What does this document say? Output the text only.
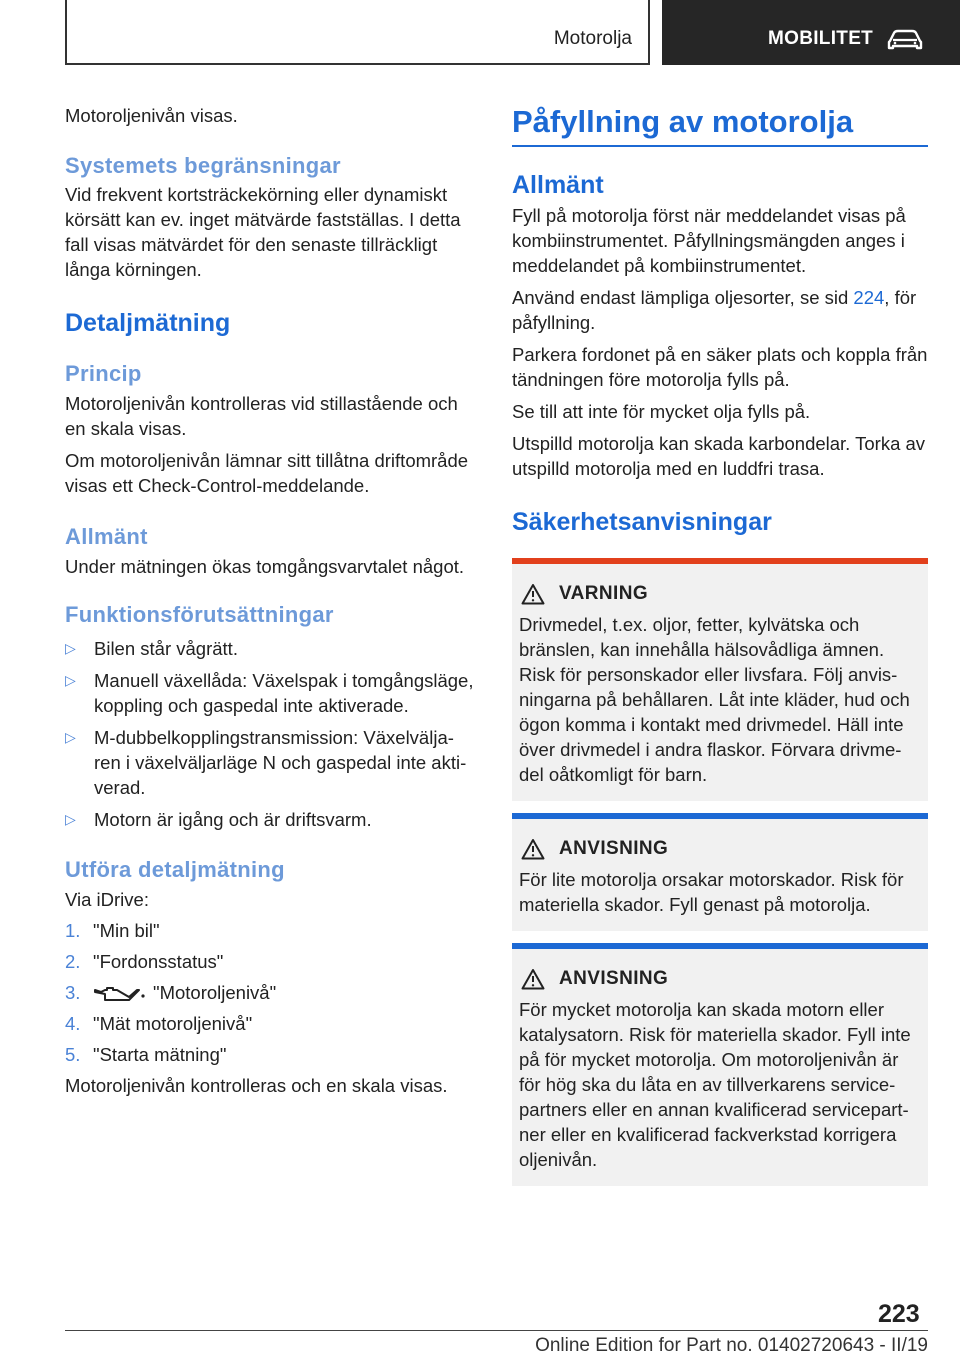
Motorolja	MOBILITET

Motoroljenivån visas.

Systemets begränsningar

Vid frekvent kortsträckekörning eller dynamiskt körsätt kan ev. inget mätvärde fastställas. I detta fall visas mätvärdet för den senaste tillräckligt långa körningen.

Detaljmätning
Princip

Motoroljenivån kontrolleras vid stillastående och en skala visas.

Om motoroljenivån lämnar sitt tillåtna driftområde visas ett Check-Control-meddelande.

Allmänt

Under mätningen ökas tomgångsvarvtalet något.

Funktionsförutsättningar
▷ Bilen står vågrätt.
▷ Manuell växellåda: Växelspak i tomgångsläge, koppling och gaspedal inte aktiverade.
▷ M-dubbelkopplingstransmission: Växelvälja-ren i växelväljarläge N och gaspedal inte akti-verad.
▷ Motorn är igång och är driftsvarm.
Utföra detaljmätning

Via iDrive:

1. "Min bil"
2. "Fordonsstatus"
3.	"Motoroljenivå"
4. "Mät motoroljenivå"
5. "Starta mätning"

Motoroljenivån kontrolleras och en skala visas.

Påfyllning av motorolja
Allmänt

Fyll på motorolja först när meddelandet visas på kombiinstrumentet. Påfyllningsmängden anges i meddelandet på kombiinstrumentet.

Använd endast lämpliga oljesorter, se sid 224, för påfyllning.

Parkera fordonet på en säker plats och koppla från tändningen före motorolja fylls på.

Se till att inte för mycket olja fylls på.

Utspilld motorolja kan skada karbondelar. Torka av utspilld motorolja med en luddfri trasa.

Säkerhetsanvisningar
VARNING

Drivmedel, t.ex. oljor, fetter, kylvätska och bränslen, kan innehålla hälsovådliga ämnen. Risk för personskador eller livsfara. Följ anvis-ningarna på behållaren. Låt inte kläder, hud och ögon komma i kontakt med drivmedel. Häll inte över drivmedel i andra flaskor. Förvara drivme-del oåtkomligt för barn.

ANVISNING

För lite motorolja orsakar motorskador. Risk för materiella skador. Fyll genast på motorolja.

ANVISNING

För mycket motorolja kan skada motorn eller katalysatorn. Risk för materiella skador. Fyll inte på för mycket motorolja. Om motoroljenivån är för hög ska du låta en av tillverkarens service-partners eller en annan kvalificerad servicepart-ner eller en kvalificerad fackverkstad korrigera oljenivån.

223
Online Edition for Part no. 01402720643 - II/19
